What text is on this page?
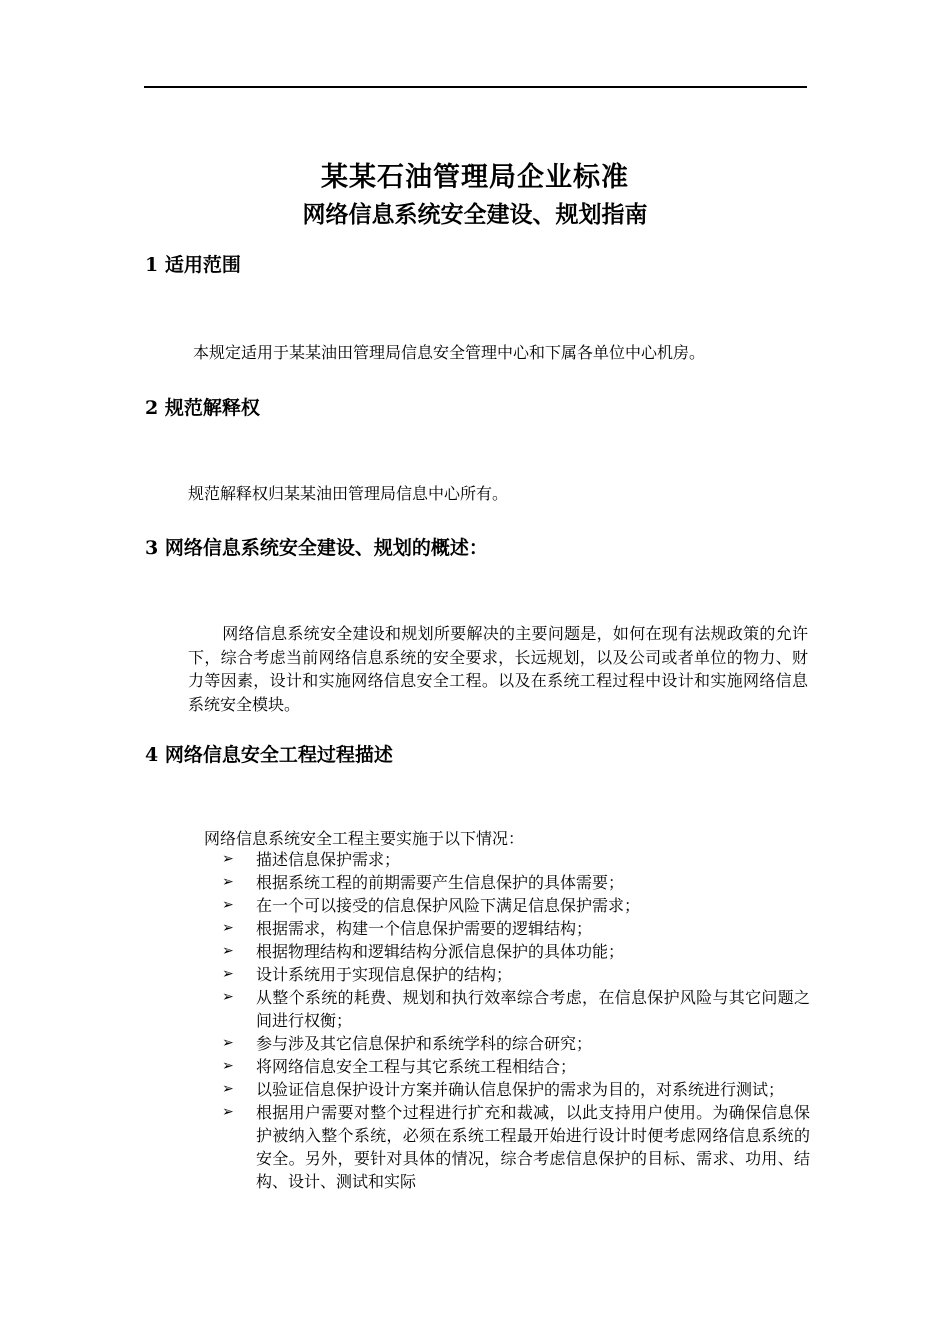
某某石油管理局企业标准
网络信息系统安全建设、规划指南
1 适用范围
本规定适用于某某油田管理局信息安全管理中心和下属各单位中心机房。
2 规范解释权
规范解释权归某某油田管理局信息中心所有。
3 网络信息系统安全建设、规划的概述：
网络信息系统安全建设和规划所要解决的主要问题是，如何在现有法规政策的允许下，综合考虑当前网络信息系统的安全要求，长远规划，以及公司或者单位的物力、财力等因素，设计和实施网络信息安全工程。以及在系统工程过程中设计和实施网络信息系统安全模块。
4 网络信息安全工程过程描述
网络信息系统安全工程主要实施于以下情况：
➢	描述信息保护需求；
➢	根据系统工程的前期需要产生信息保护的具体需要；
➢	在一个可以接受的信息保护风险下满足信息保护需求；
➢	根据需求，构建一个信息保护需要的逻辑结构；
➢	根据物理结构和逻辑结构分派信息保护的具体功能；
➢	设计系统用于实现信息保护的结构；
➢	从整个系统的耗费、规划和执行效率综合考虑，在信息保护风险与其它问题之间进行权衡；
➢	参与涉及其它信息保护和系统学科的综合研究；
➢	将网络信息安全工程与其它系统工程相结合；
➢	以验证信息保护设计方案并确认信息保护的需求为目的，对系统进行测试；
➢	根据用户需要对整个过程进行扩充和裁减，以此支持用户使用。为确保信息保护被纳入整个系统，必须在系统工程最开始进行设计时便考虑网络信息系统的安全。另外，要针对具体的情况，综合考虑信息保护的目标、需求、功用、结构、设计、测试和实际
